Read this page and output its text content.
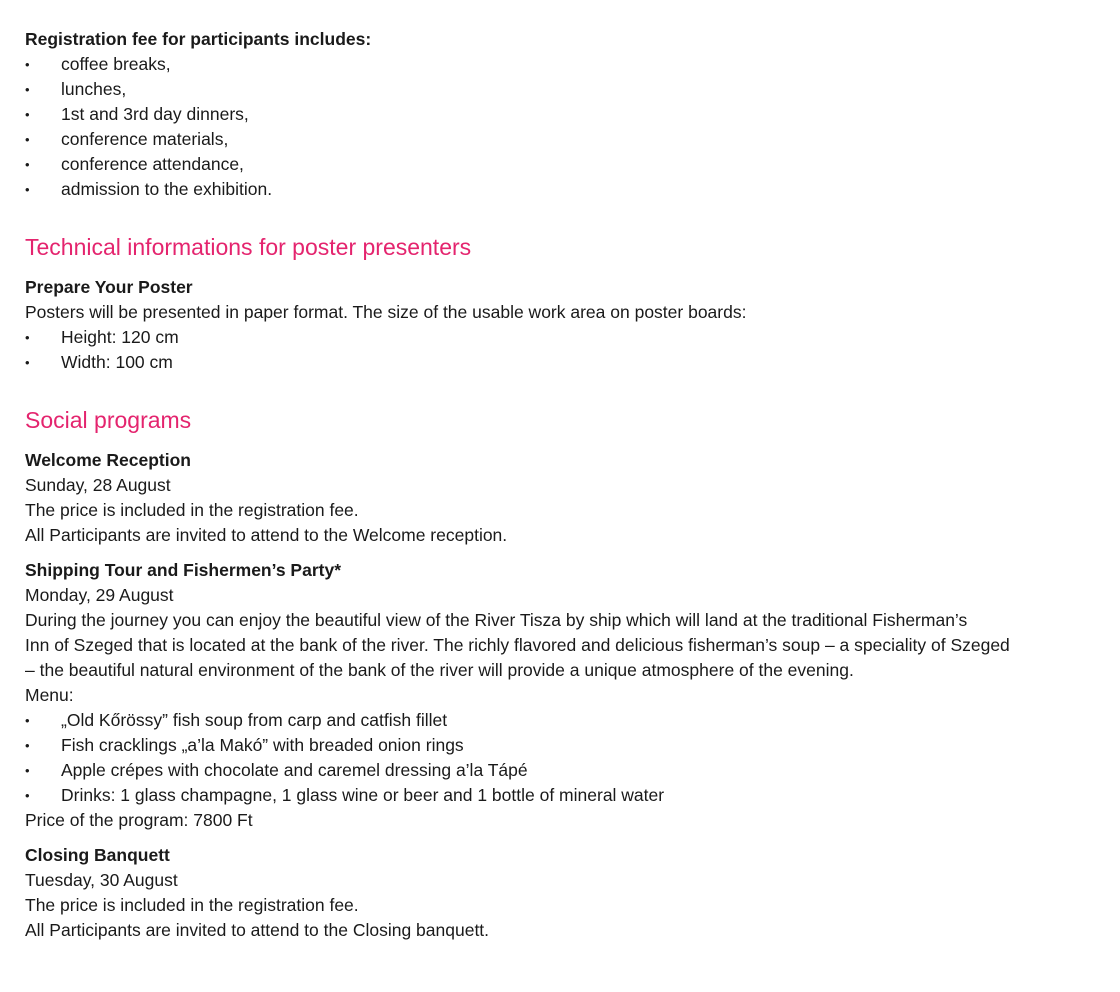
Registration fee for participants includes:
•	coffee breaks,
•	lunches,
•	1st and 3rd day dinners,
•	conference materials,
•	conference attendance,
•	admission to the exhibition.
Technical informations for poster presenters
Prepare Your Poster
Posters will be presented in paper format. The size of the usable work area on poster boards:
•	Height: 120 cm
•	Width: 100 cm
Social programs
Welcome Reception
Sunday, 28 August
The price is included in the registration fee.
All Participants are invited to attend to the Welcome reception.
Shipping Tour and Fishermen’s Party*
Monday, 29 August
During the journey you can enjoy the beautiful view of the River Tisza by ship which will land at the traditional Fisherman’s
Inn of Szeged that is located at the bank of the river. The richly flavored and delicious fisherman’s soup – a speciality of Szeged
– the beautiful natural environment of the bank of the river will provide a unique atmosphere of the evening.
Menu:
•	„Old Kőrössy” fish soup from carp and catfish fillet
•	Fish cracklings „a’la Makó” with breaded onion rings
•	Apple crépes with chocolate and caremel dressing a’la Tápé
•	Drinks: 1 glass champagne, 1 glass wine or beer and 1 bottle of mineral water
Price of the program: 7800 Ft
Closing Banquett
Tuesday, 30 August
The price is included in the registration fee.
All Participants are invited to attend to the Closing banquett.
